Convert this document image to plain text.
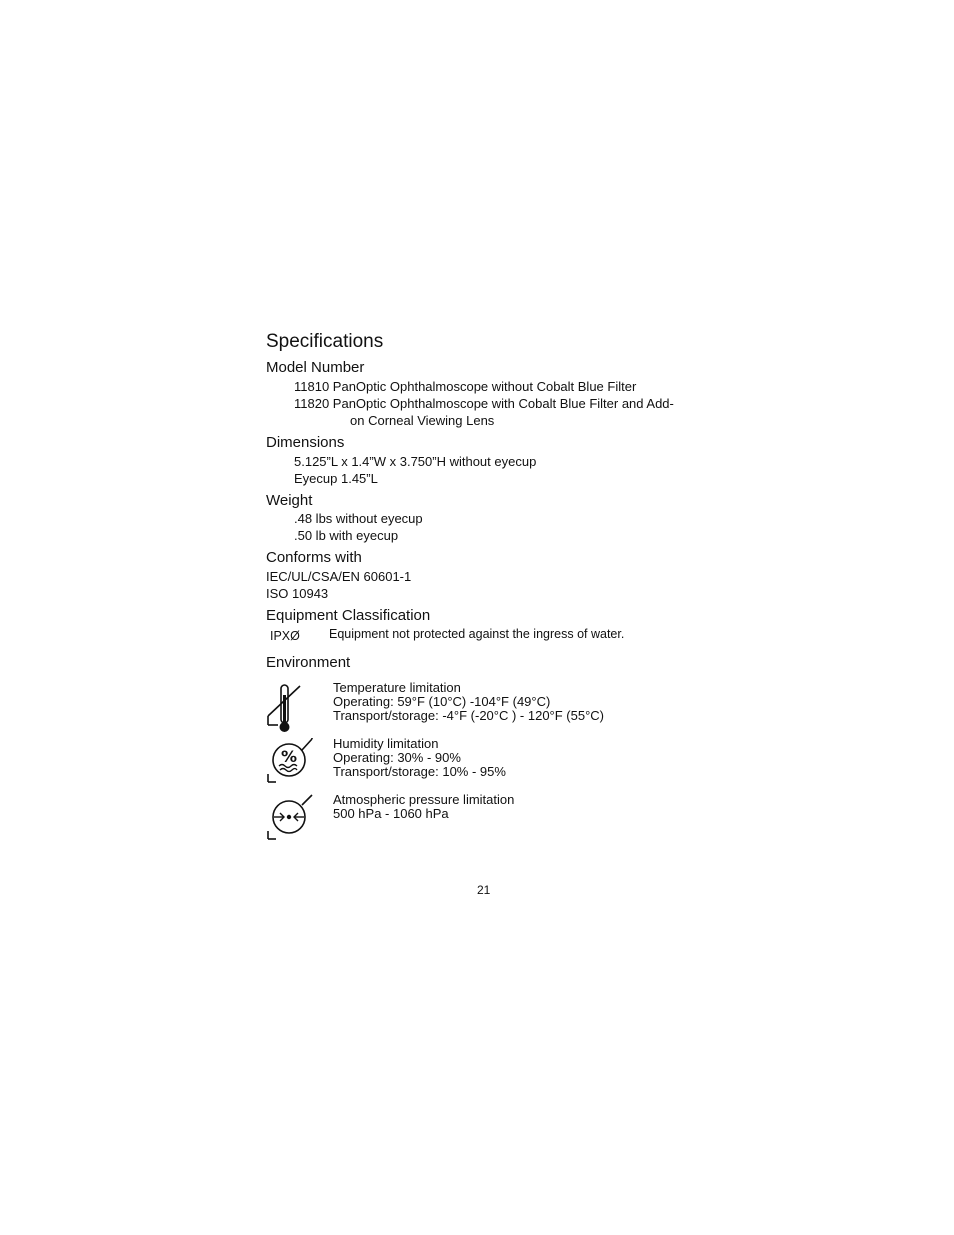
Specifications
Model Number
11810 PanOptic Ophthalmoscope without Cobalt Blue Filter
11820 PanOptic Ophthalmoscope with Cobalt Blue Filter and Add-
on Corneal Viewing Lens
Dimensions
5.125”L x 1.4”W x 3.750”H without eyecup
Eyecup 1.45”L
Weight
.48 lbs without eyecup
.50 lb with eyecup
Conforms with
IEC/UL/CSA/EN 60601-1
ISO 10943
Equipment Classification
IPXØ Equipment not protected against the ingress of water.
Environment
Temperature limitation
Operating: 59°F (10°C) -104°F (49°C)
Transport/storage: -4°F (-20°C ) - 120°F (55°C)
%
Humidity limitation
Operating: 30% - 90%
Transport/storage: 10% - 95%
Atmospheric pressure limitation
500 hPa - 1060 hPa
21
